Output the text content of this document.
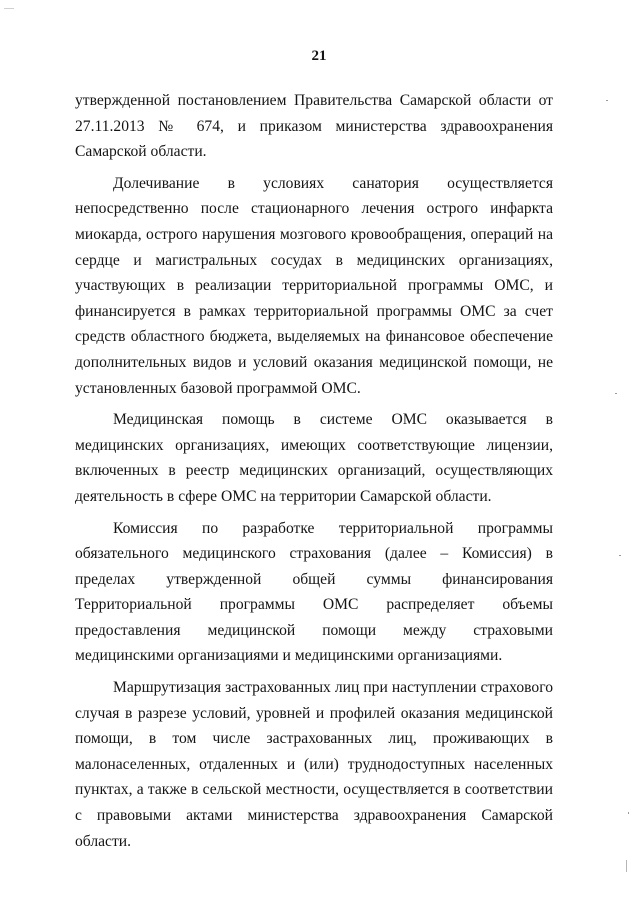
21

утвержденной постановлением Правительства Самарской области от 27.11.2013 № 674, и приказом министерства здравоохранения Самарской области.

Долечивание в условиях санатория осуществляется непосредственно после стационарного лечения острого инфаркта миокарда, острого нарушения мозгового кровообращения, операций на сердце и магистральных сосудах в медицинских организациях, участвующих в реализации территориальной программы ОМС, и финансируется в рамках территориальной программы ОМС за счет средств областного бюджета, выделяемых на финансовое обеспечение дополнительных видов и условий оказания медицинской помощи, не установленных базовой программой ОМС.

Медицинская помощь в системе ОМС оказывается в медицинских организациях, имеющих соответствующие лицензии, включенных в реестр медицинских организаций, осуществляющих деятельность в сфере ОМС на территории Самарской области.

Комиссия по разработке территориальной программы обязательного медицинского страхования (далее – Комиссия) в пределах утвержденной общей суммы финансирования Территориальной программы ОМС распределяет объемы предоставления медицинской помощи между страховыми медицинскими организациями и медицинскими организациями.

Маршрутизация застрахованных лиц при наступлении страхового случая в разрезе условий, уровней и профилей оказания медицинской помощи, в том числе застрахованных лиц, проживающих в малонаселенных, отдаленных и (или) труднодоступных населенных пунктах, а также в сельской местности, осуществляется в соответствии с правовыми актами министерства здравоохранения Самарской области.
